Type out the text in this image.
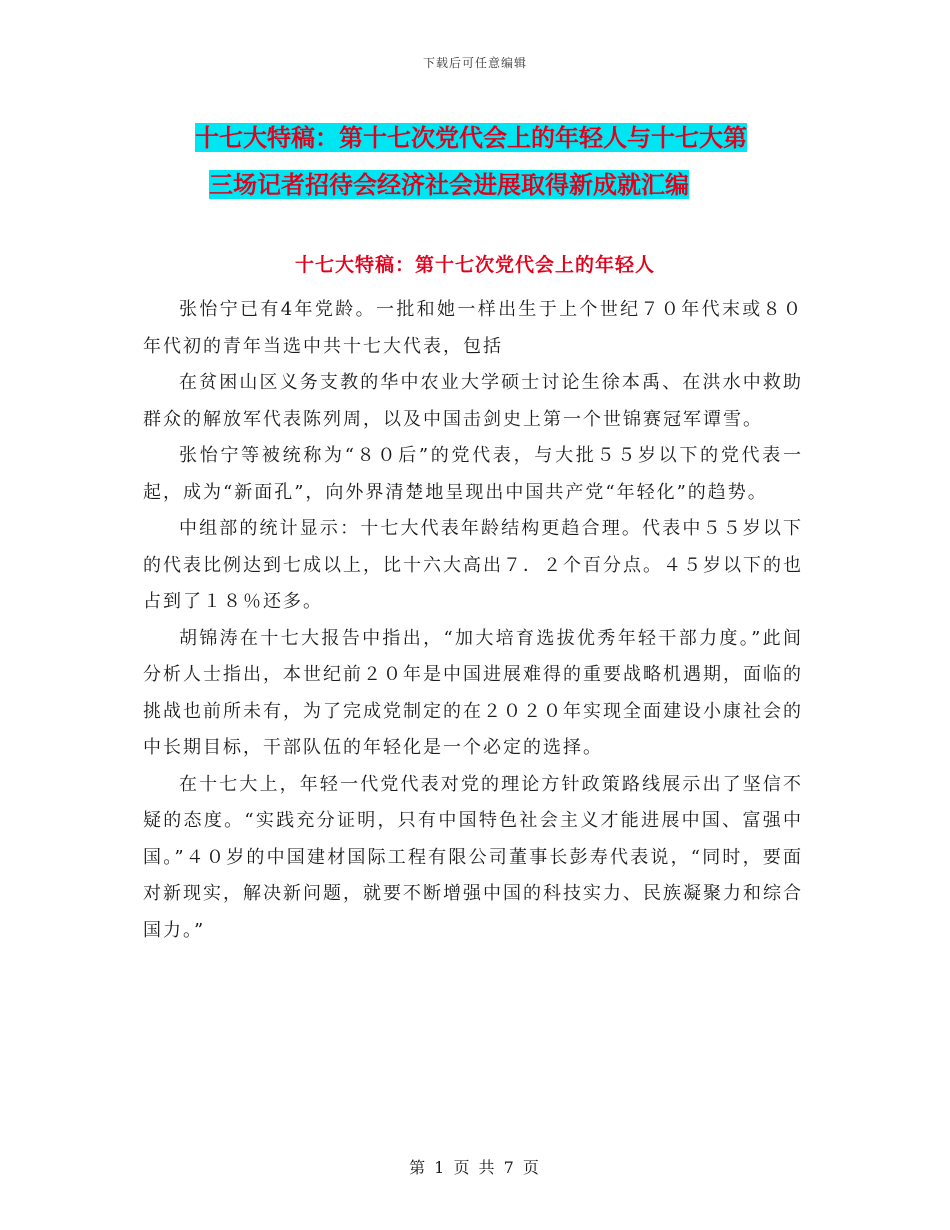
下载后可任意编辑
十七大特稿：第十七次党代会上的年轻人与十七大第
三场记者招待会经济社会进展取得新成就汇编
十七大特稿：第十七次党代会上的年轻人

张怡宁已有4年党龄。一批和她一样出生于上个世纪７０年代末或８０年代初的青年当选中共十七大代表，包括

在贫困山区义务支教的华中农业大学硕士讨论生徐本禹、在洪水中救助群众的解放军代表陈列周，以及中国击剑史上第一个世锦赛冠军谭雪。

张怡宁等被统称为“８０后”的党代表，与大批５５岁以下的党代表一起，成为“新面孔”，向外界清楚地呈现出中国共产党“年轻化”的趋势。

中组部的统计显示：十七大代表年龄结构更趋合理。代表中５５岁以下的代表比例达到七成以上，比十六大高出７．２个百分点。４５岁以下的也占到了１８％还多。

胡锦涛在十七大报告中指出，“加大培育选拔优秀年轻干部力度。”此间分析人士指出，本世纪前２０年是中国进展难得的重要战略机遇期，面临的挑战也前所未有，为了完成党制定的在２０２０年实现全面建设小康社会的中长期目标，干部队伍的年轻化是一个必定的选择。

在十七大上，年轻一代党代表对党的理论方针政策路线展示出了坚信不疑的态度。“实践充分证明，只有中国特色社会主义才能进展中国、富强中国。”４０岁的中国建材国际工程有限公司董事长彭寿代表说，“同时，要面对新现实，解决新问题，就要不断增强中国的科技实力、民族凝聚力和综合国力。”

第 1 页 共 7 页
